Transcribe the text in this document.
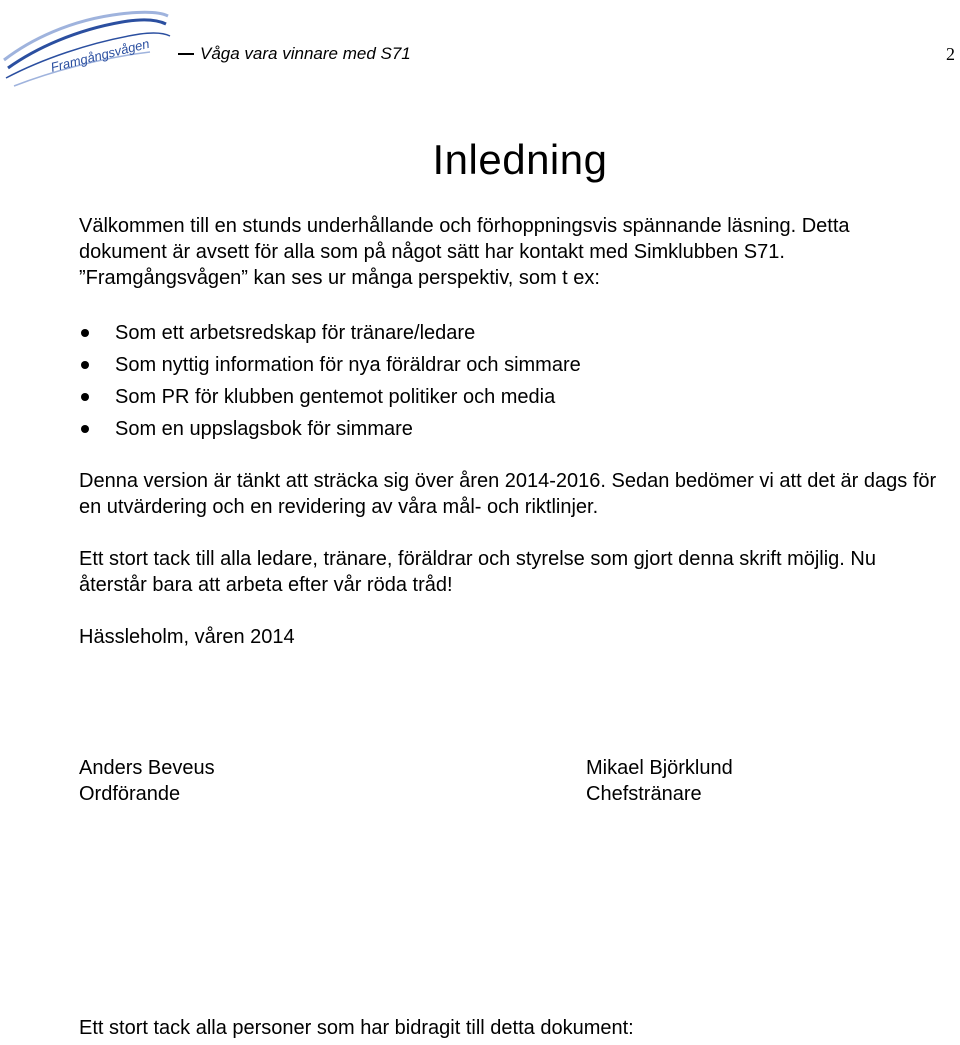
Framgångsvågen	Våga vara vinnare med S71	2
Inledning

Välkommen till en stunds underhållande och förhoppningsvis spännande läsning. Detta dokument är avsett för alla som på något sätt har kontakt med Simklubben S71. ”Framgångsvågen” kan ses ur många perspektiv, som t ex:

Som ett arbetsredskap för tränare/ledare
Som nyttig information för nya föräldrar och simmare
Som PR för klubben gentemot politiker och media
Som en uppslagsbok för simmare

Denna version är tänkt att sträcka sig över åren 2014-2016. Sedan bedömer vi att det är dags för en utvärdering och en revidering av våra mål- och riktlinjer.

Ett stort tack till alla ledare, tränare, föräldrar och styrelse som gjort denna skrift möjlig. Nu återstår bara att arbeta efter vår röda tråd!

Hässleholm, våren 2014

Anders Beveus
Ordförande
Mikael Björklund
Chefstränare
Ett stort tack alla personer som har bidragit till detta dokument:
